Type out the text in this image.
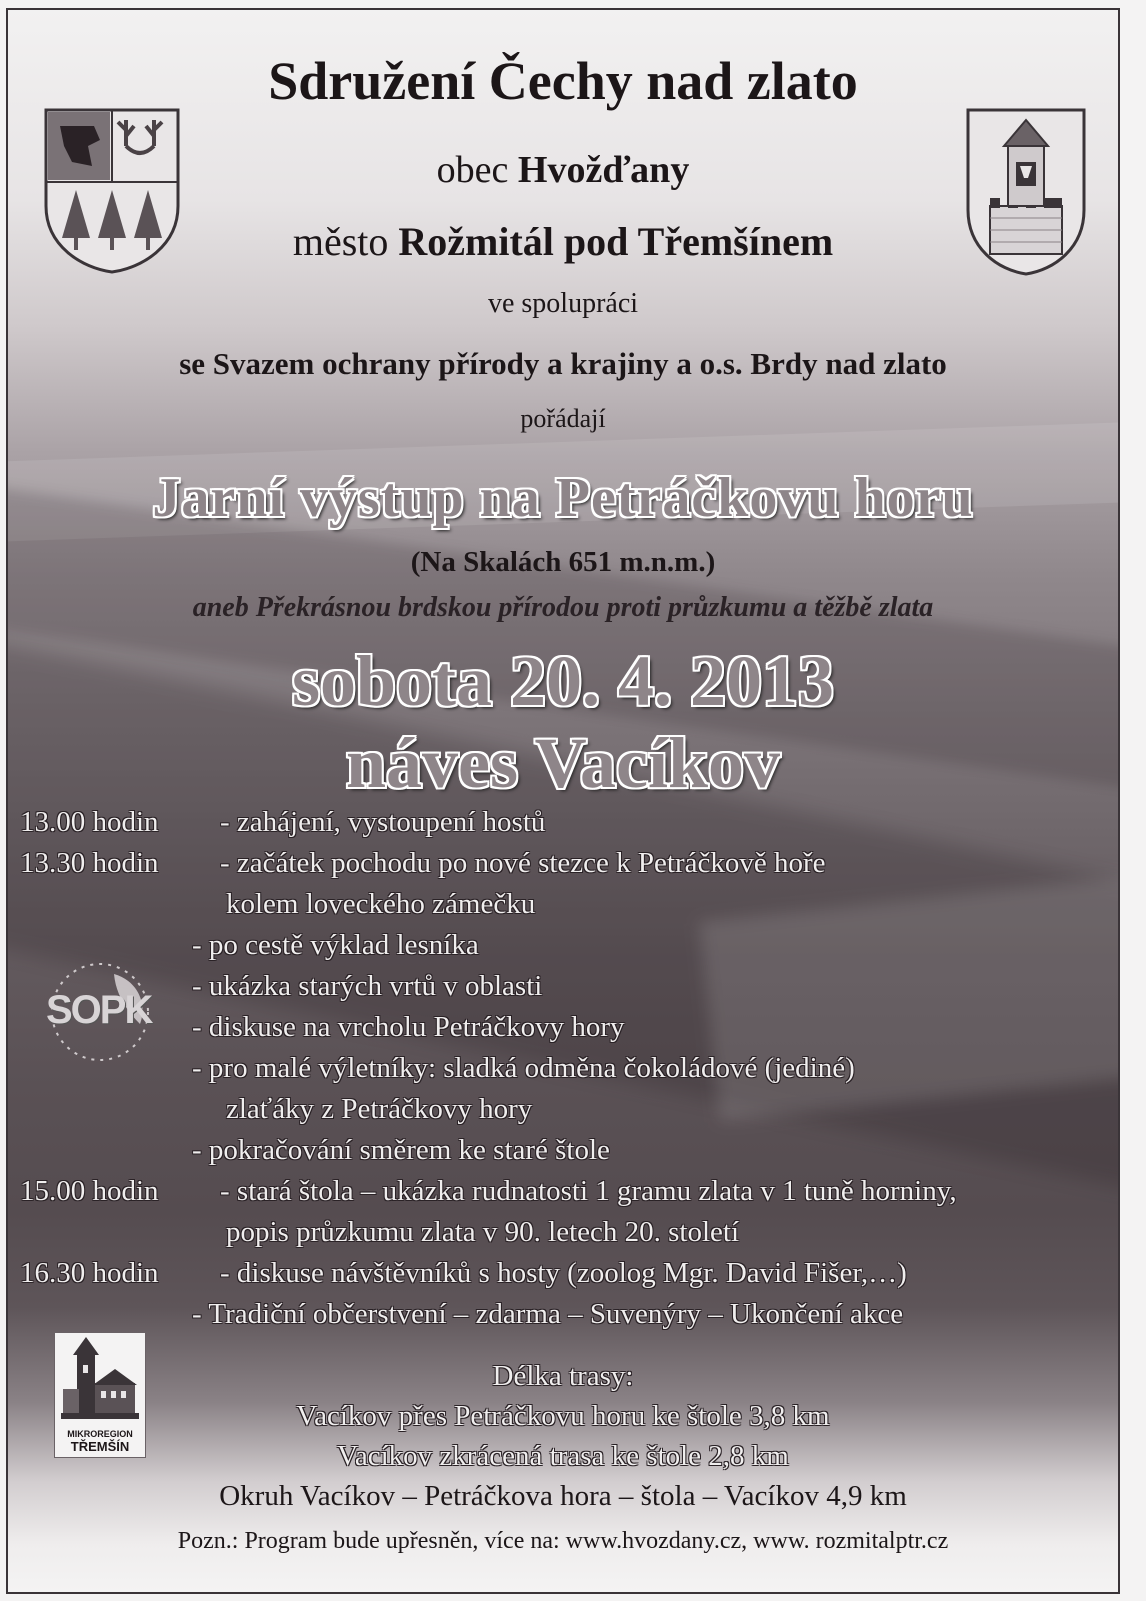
Sdružení Čechy nad zlato
obec Hvožďany
město Rožmitál pod Třemšínem
ve spolupráci
se Svazem ochrany přírody a krajiny a o.s. Brdy nad zlato
pořádají
Jarní výstup na Petráčkovu horu
(Na Skalách 651 m.n.m.)
aneb Překrásnou brdskou přírodou proti průzkumu a těžbě zlata
sobota 20. 4. 2013
náves Vacíkov
13.00 hodin - zahájení, vystoupení hostů
13.30 hodin - začátek pochodu po nové stezce k Petráčkově hoře
kolem loveckého zámečku
- po cestě výklad lesníka
- ukázka starých vrtů v oblasti
- diskuse na vrcholu Petráčkovy hory
- pro malé výletníky: sladká odměna čokoládové (jediné)
zlaťáky z Petráčkovy hory
- pokračování směrem ke staré štole
15.00 hodin - stará štola – ukázka rudnatosti 1 gramu zlata v 1 tuně horniny,
popis průzkumu zlata v 90. letech 20. století
16.30 hodin - diskuse návštěvníků s hosty (zoolog Mgr. David Fišer,…)
- Tradiční občerstvení – zdarma – Suvenýry – Ukončení akce
SOPK
MIKROREGION
TŘEMŠÍN
Délka trasy:
Vacíkov přes Petráčkovu horu ke štole 3,8 km
Vacíkov zkrácená trasa ke štole 2,8 km
Okruh Vacíkov – Petráčkova hora – štola – Vacíkov 4,9 km
Pozn.: Program bude upřesněn, více na: www.hvozdany.cz, www. rozmitalptr.cz
